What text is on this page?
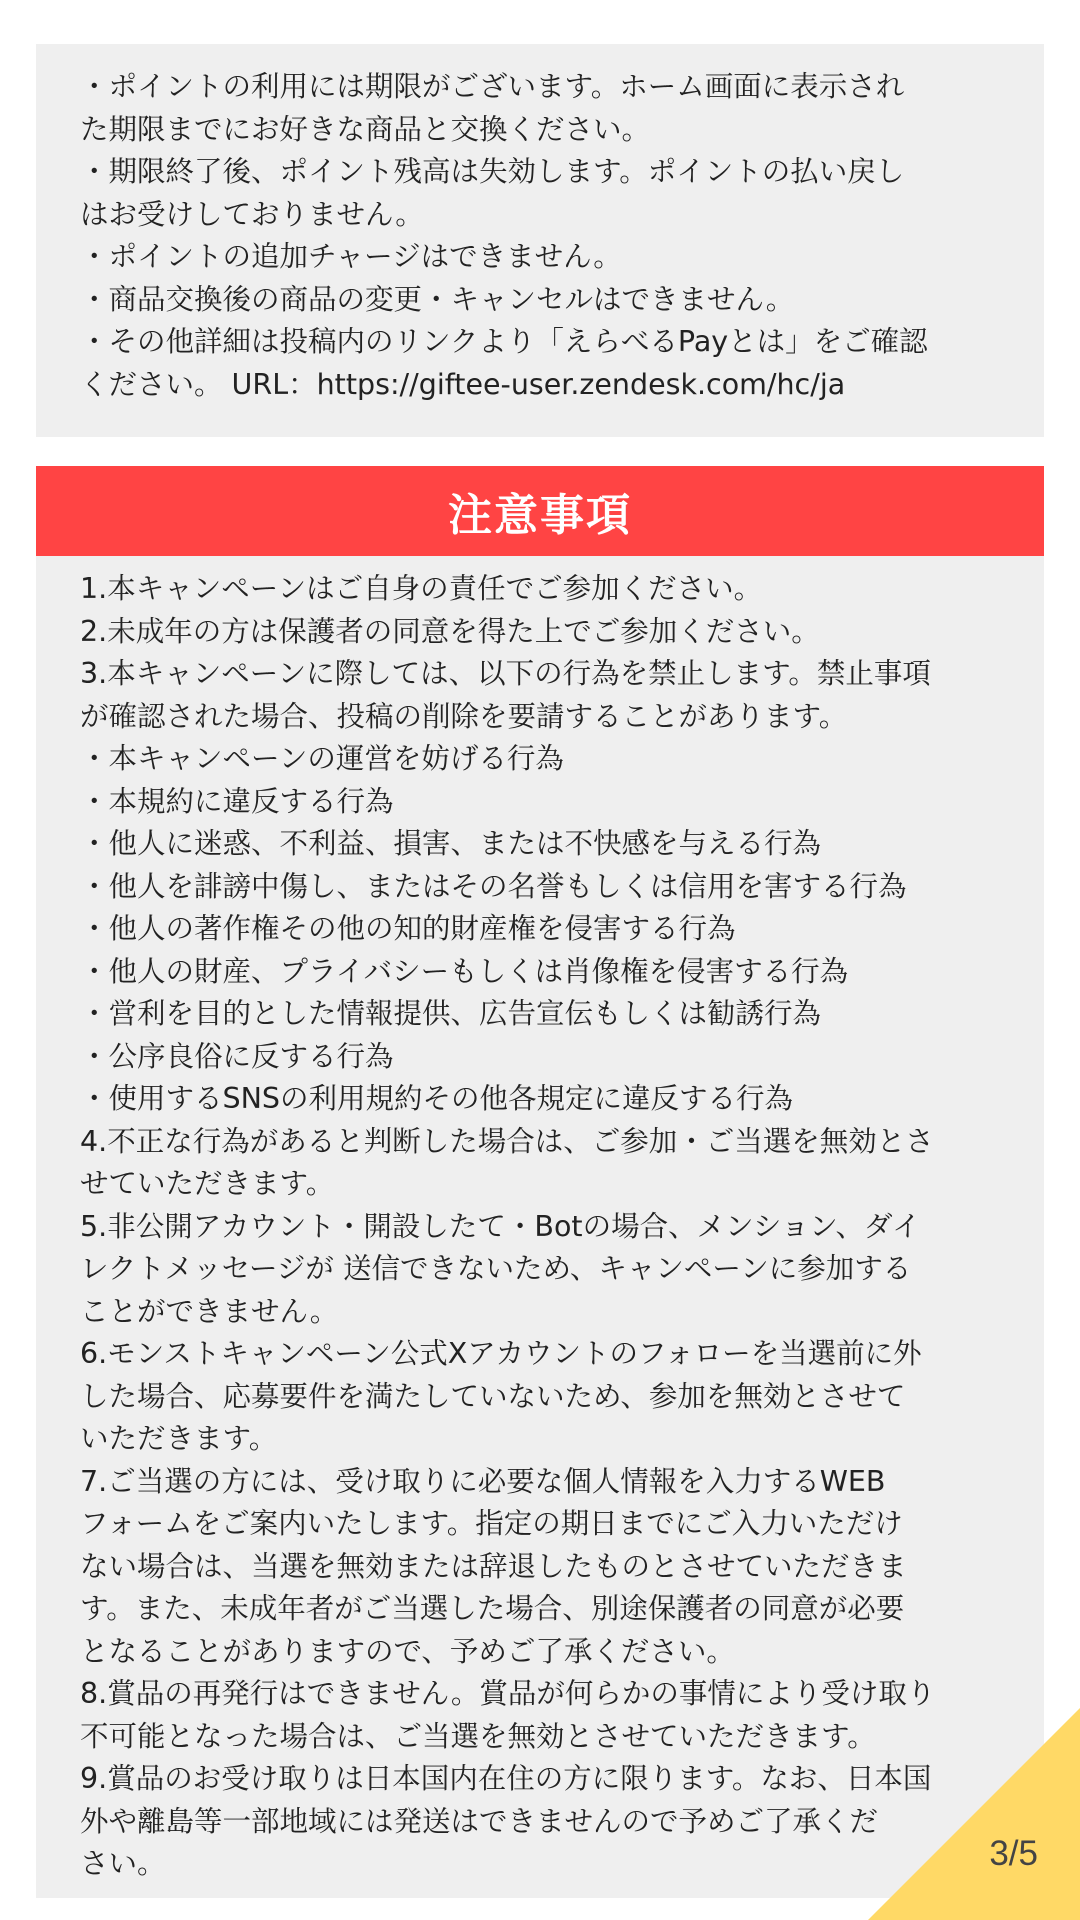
・ポイントの利用には期限がございます。ホーム画面に表示され
た期限までにお好きな商品と交換ください。
・期限終了後、ポイント残高は失効します。ポイントの払い戻し
はお受けしておりません。
・ポイントの追加チャージはできません。
・商品交換後の商品の変更・キャンセルはできません。
・その他詳細は投稿内のリンクより「えらべるPayとは」をご確認
ください。 URL：https://giftee-user.zendesk.com/hc/ja
注意事項
1.本キャンペーンはご自身の責任でご参加ください。
2.未成年の方は保護者の同意を得た上でご参加ください。
3.本キャンペーンに際しては、以下の行為を禁止します。禁止事項
が確認された場合、投稿の削除を要請することがあります。
・本キャンペーンの運営を妨げる行為
・本規約に違反する行為
・他人に迷惑、不利益、損害、または不快感を与える行為
・他人を誹謗中傷し、またはその名誉もしくは信用を害する行為
・他人の著作権その他の知的財産権を侵害する行為
・他人の財産、プライバシーもしくは肖像権を侵害する行為
・営利を目的とした情報提供、広告宣伝もしくは勧誘行為
・公序良俗に反する行為
・使用するSNSの利用規約その他各規定に違反する行為
4.不正な行為があると判断した場合は、ご参加・ご当選を無効とさ
せていただきます。
5.非公開アカウント・開設したて・Botの場合、メンション、ダイ
レクトメッセージが 送信できないため、キャンペーンに参加する
ことができません。
6.モンストキャンペーン公式Xアカウントのフォローを当選前に外
した場合、応募要件を満たしていないため、参加を無効とさせて
いただきます。
7.ご当選の方には、受け取りに必要な個人情報を入力するWEB
フォームをご案内いたします。指定の期日までにご入力いただけ
ない場合は、当選を無効または辞退したものとさせていただきま
す。また、未成年者がご当選した場合、別途保護者の同意が必要
となることがありますので、予めご了承ください。
8.賞品の再発行はできません。賞品が何らかの事情により受け取り
不可能となった場合は、ご当選を無効とさせていただきます。
9.賞品のお受け取りは日本国内在住の方に限ります。なお、日本国
外や離島等一部地域には発送はできませんので予めご了承くだ
さい。	3/5
